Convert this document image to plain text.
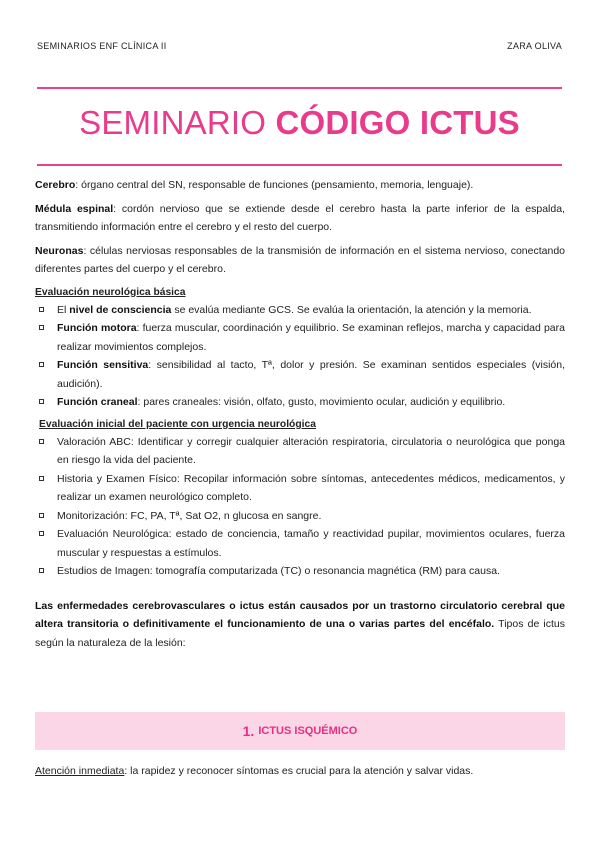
SEMINARIOS ENF CLÍNICA II	ZARA OLIVA
SEMINARIO CÓDIGO ICTUS

Cerebro: órgano central del SN, responsable de funciones (pensamiento, memoria, lenguaje).

Médula espinal: cordón nervioso que se extiende desde el cerebro hasta la parte inferior de la espalda, transmitiendo información entre el cerebro y el resto del cuerpo.

Neuronas: células nerviosas responsables de la transmisión de información en el sistema nervioso, conectando diferentes partes del cuerpo y el cerebro.

Evaluación neurológica básica
El nivel de consciencia se evalúa mediante GCS. Se evalúa la orientación, la atención y la memoria.
Función motora: fuerza muscular, coordinación y equilibrio. Se examinan reflejos, marcha y capacidad para realizar movimientos complejos.
Función sensitiva: sensibilidad al tacto, Tª, dolor y presión. Se examinan sentidos especiales (visión, audición).
Función craneal: pares craneales: visión, olfato, gusto, movimiento ocular, audición y equilibrio.
Evaluación inicial del paciente con urgencia neurológica
Valoración ABC: Identificar y corregir cualquier alteración respiratoria, circulatoria o neurológica que ponga en riesgo la vida del paciente.
Historia y Examen Físico: Recopilar información sobre síntomas, antecedentes médicos, medicamentos, y realizar un examen neurológico completo.
Monitorización: FC, PA, Tª, Sat O2, n glucosa en sangre.
Evaluación Neurológica: estado de conciencia, tamaño y reactividad pupilar, movimientos oculares, fuerza muscular y respuestas a estímulos.
Estudios de Imagen: tomografía computarizada (TC) o resonancia magnética (RM) para causa.

Las enfermedades cerebrovasculares o ictus están causados por un trastorno circulatorio cerebral que altera transitoria o definitivamente el funcionamiento de una o varias partes del encéfalo. Tipos de ictus según la naturaleza de la lesión:

1. ICTUS ISQUÉMICO
Atención inmediata: la rapidez y reconocer síntomas es crucial para la atención y salvar vidas.
